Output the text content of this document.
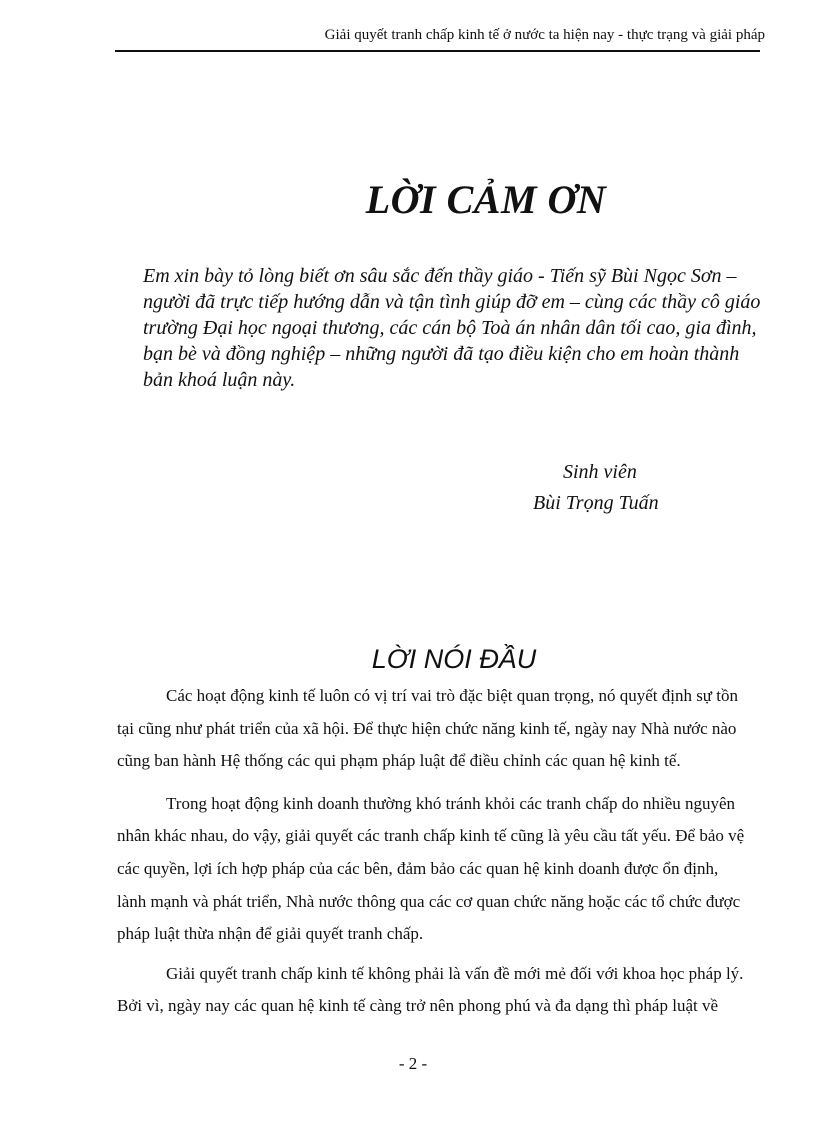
Giải quyết tranh chấp kinh tế ở nước ta hiện nay - thực trạng và giải pháp
LỜI CẢM ƠN
Em xin bày tỏ lòng biết ơn sâu sắc đến thầy giáo - Tiến sỹ Bùi Ngọc Sơn –
người đã trực tiếp hướng dẫn và tận tình giúp đỡ em – cùng các thầy cô giáo
trường Đại học ngoại thương, các cán bộ Toà án nhân dân tối cao, gia đình,
bạn bè và đồng nghiệp – những người đã tạo điều kiện cho em hoàn thành
bản khoá luận này.
Sinh viên
Bùi Trọng Tuấn
LỜI NÓI ĐẦU
Các hoạt động kinh tế luôn có vị trí vai trò đặc biệt quan trọng, nó quyết định sự tồn
tại cũng như phát triển của xã hội. Để thực hiện chức năng kinh tế, ngày nay Nhà nước nào
cũng ban hành Hệ thống các qui phạm pháp luật để điều chỉnh các quan hệ kinh tế.
Trong hoạt động kinh doanh thường khó tránh khỏi các tranh chấp do nhiều nguyên
nhân khác nhau, do vậy, giải quyết các tranh chấp kinh tế cũng là yêu cầu tất yếu. Để bảo vệ
các quyền, lợi ích hợp pháp của các bên, đảm bảo các quan hệ kinh doanh được ổn định,
lành mạnh và phát triển, Nhà nước thông qua các cơ quan chức năng hoặc các tổ chức được
pháp luật thừa nhận để giải quyết tranh chấp.
Giải quyết tranh chấp kinh tế không phải là vấn đề mới mẻ đối với khoa học pháp lý.
Bởi vì, ngày nay các quan hệ kinh tế càng trở nên phong phú và đa dạng thì pháp luật về
- 2 -
